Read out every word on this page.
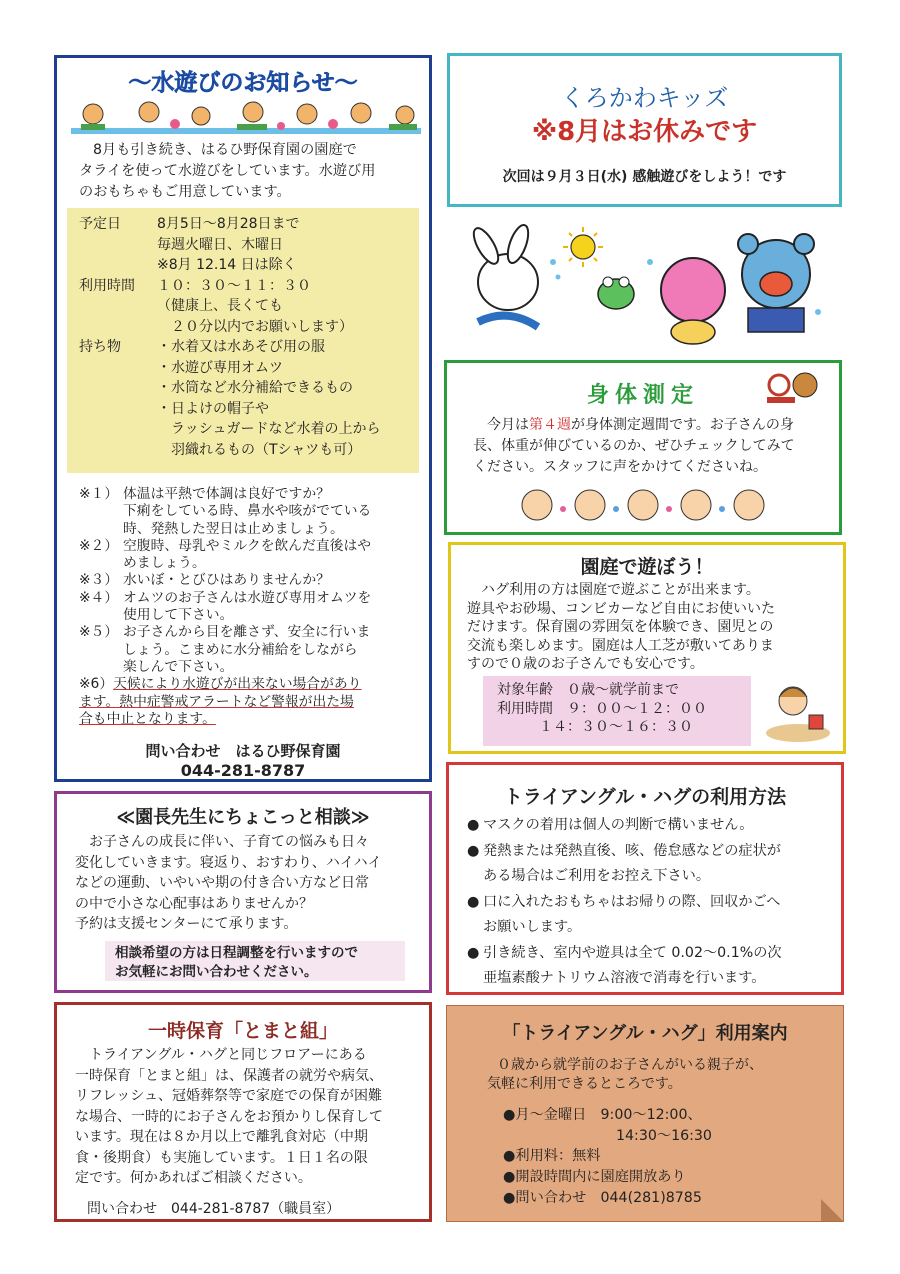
～水遊びのお知らせ～

8月も引き続き、はるひ野保育園の園庭で

タライを使って水遊びをしています。水遊び用

のおもちゃもご用意しています。

予定日	8月5日～8月28日まで
毎週火曜日、木曜日
※8月 12.14 日は除く
利用時間	１０：３０～１１：３０
（健康上、長くても
　２０分以内でお願いします）
持ち物	・水着又は水あそび用の服
・水遊び専用オムツ
・水筒など水分補給できるもの
・日よけの帽子や
　ラッシュガードなど水着の上から
　羽織れるもの（Tシャツも可）
※１） 体温は平熱で体調は良好ですか？

下痢をしている時、鼻水や咳がでている

時、発熱した翌日は止めましょう。

※２） 空腹時、母乳やミルクを飲んだ直後はや

めましょう。

※３） 水いぼ・とびひはありませんか？

※４） オムツのお子さんは水遊び専用オムツを

使用して下さい。

※５） お子さんから目を離さず、安全に行いま

しょう。こまめに水分補給をしながら

楽しんで下さい。

※6）天候により水遊びが出来ない場合があり

ます。熱中症警戒アラートなど警報が出た場

合も中止となります。

問い合わせ　はるひ野保育園

044-281-8787

くろかわキッズ
※8月はお休みです
次回は９月３日(水) 感触遊びをしよう！です
身体測定

今月は第４週が身体測定週間です。お子さんの身

長、体重が伸びているのか、ぜひチェックしてみて

ください。スタッフに声をかけてくださいね。

園庭で遊ぼう！

ハグ利用の方は園庭で遊ぶことが出来ます。

遊具やお砂場、コンビカーなど自由にお使いいた

だけます。保育園の雰囲気を体験でき、園児との

交流も楽しめます。園庭は人工芝が敷いてありま

すので０歳のお子さんでも安心です。

対象年齢　 ０歳～就学前まで

利用時間　 ９：００～１２：００

１４：３０～１６：３０

トライアングル・ハグの利用方法
● マスクの着用は個人の判断で構いません。

● 発熱または発熱直後、咳、倦怠感などの症状が

ある場合はご利用をお控え下さい。

● 口に入れたおもちゃはお帰りの際、回収かごへ

お願いします。

● 引き続き、室内や遊具は全て 0.02～0.1%の次

亜塩素酸ナトリウム溶液で消毒を行います。

≪園長先生にちょこっと相談≫

お子さんの成長に伴い、子育ての悩みも日々

変化していきます。寝返り、おすわり、ハイハイ

などの運動、いやいや期の付き合い方など日常

の中で小さな心配事はありませんか？

予約は支援センターにて承ります。

相談希望の方は日程調整を行いますので

お気軽にお問い合わせください。

一時保育「とまと組」

トライアングル・ハグと同じフロアーにある

一時保育「とまと組」は、保護者の就労や病気、

リフレッシュ、冠婚葬祭等で家庭での保育が困難

な場合、一時的にお子さんをお預かりし保育して

います。現在は８か月以上で離乳食対応（中期

食・後期食）も実施しています。１日１名の限

定です。何かあればご相談ください。

問い合わせ　044-281-8787（職員室）
「トライアングル・ハグ」利用案内

０歳から就学前のお子さんがいる親子が、

気軽に利用できるところです。

●月～金曜日　 9:00～12:00、

14:30～16:30

●利用料：無料

●開設時間内に園庭開放あり

●問い合わせ　044(281)8785
